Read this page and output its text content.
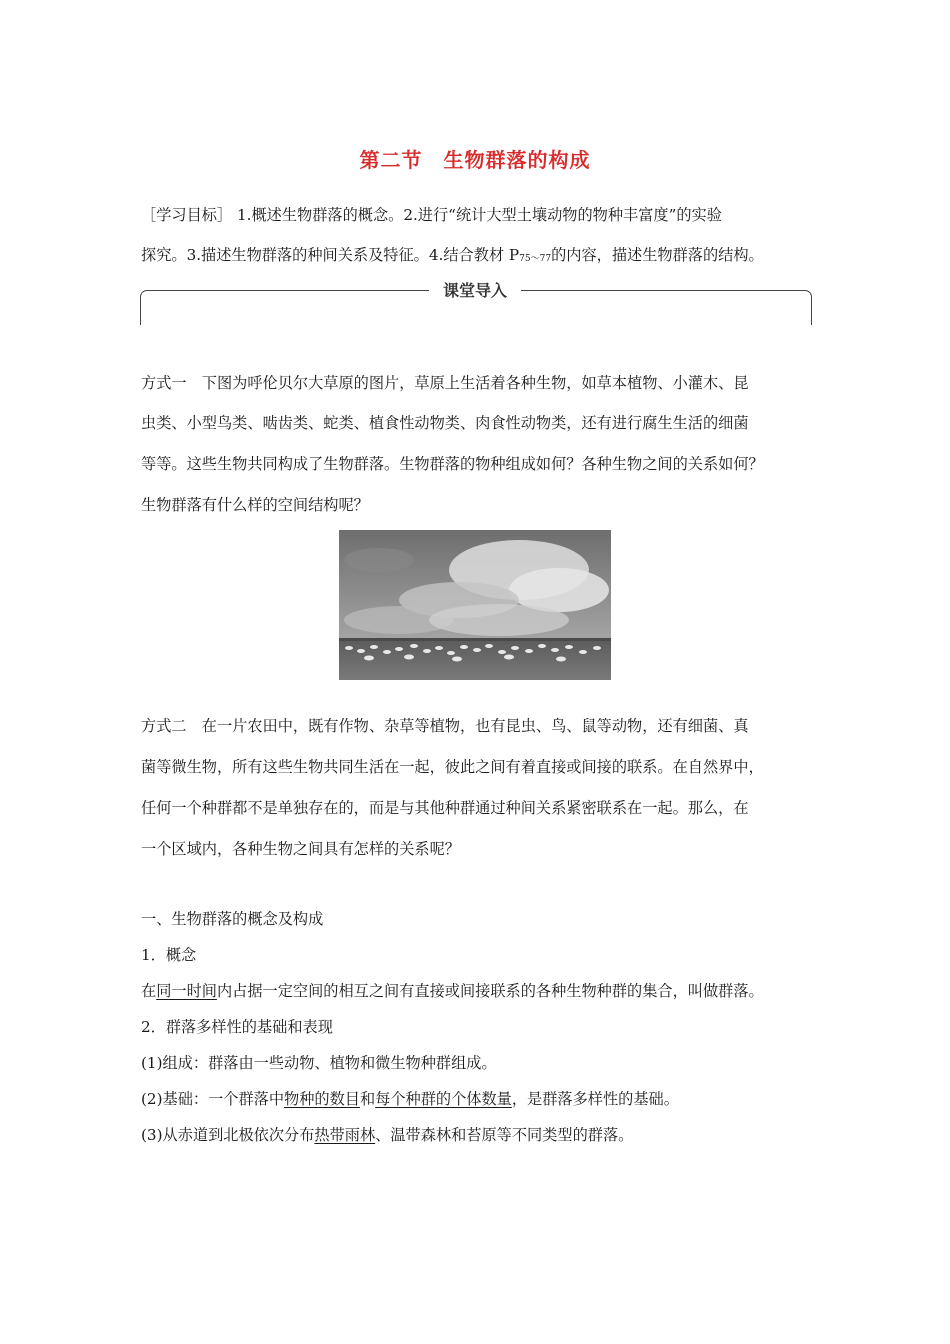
第二节　生物群落的构成
［学习目标］ 1.概述生物群落的概念。2.进行“统计大型土壤动物的物种丰富度”的实验
探究。3.描述生物群落的种间关系及特征。4.结合教材 $P_{75\sim 77}$的内容，描述生物群落的结构。
课堂导入
方式一　下图为呼伦贝尔大草原的图片，草原上生活着各种生物，如草本植物、小灌木、昆
虫类、小型鸟类、啮齿类、蛇类、植食性动物类、肉食性动物类，还有进行腐生生活的细菌
等等。这些生物共同构成了生物群落。生物群落的物种组成如何？各种生物之间的关系如何？
生物群落有什么样的空间结构呢？
方式二　在一片农田中，既有作物、杂草等植物，也有昆虫、鸟、鼠等动物，还有细菌、真
菌等微生物，所有这些生物共同生活在一起，彼此之间有着直接或间接的联系。在自然界中，
任何一个种群都不是单独存在的，而是与其他种群通过种间关系紧密联系在一起。那么，在
一个区域内，各种生物之间具有怎样的关系呢？
一、生物群落的概念及构成
1．概念
在同一时间内占据一定空间的相互之间有直接或间接联系的各种生物种群的集合，叫做群落。
2．群落多样性的基础和表现
(1)组成：群落由一些动物、植物和微生物种群组成。
(2)基础：一个群落中物种的数目和每个种群的个体数量，是群落多样性的基础。
(3)从赤道到北极依次分布热带雨林、温带森林和苔原等不同类型的群落。
